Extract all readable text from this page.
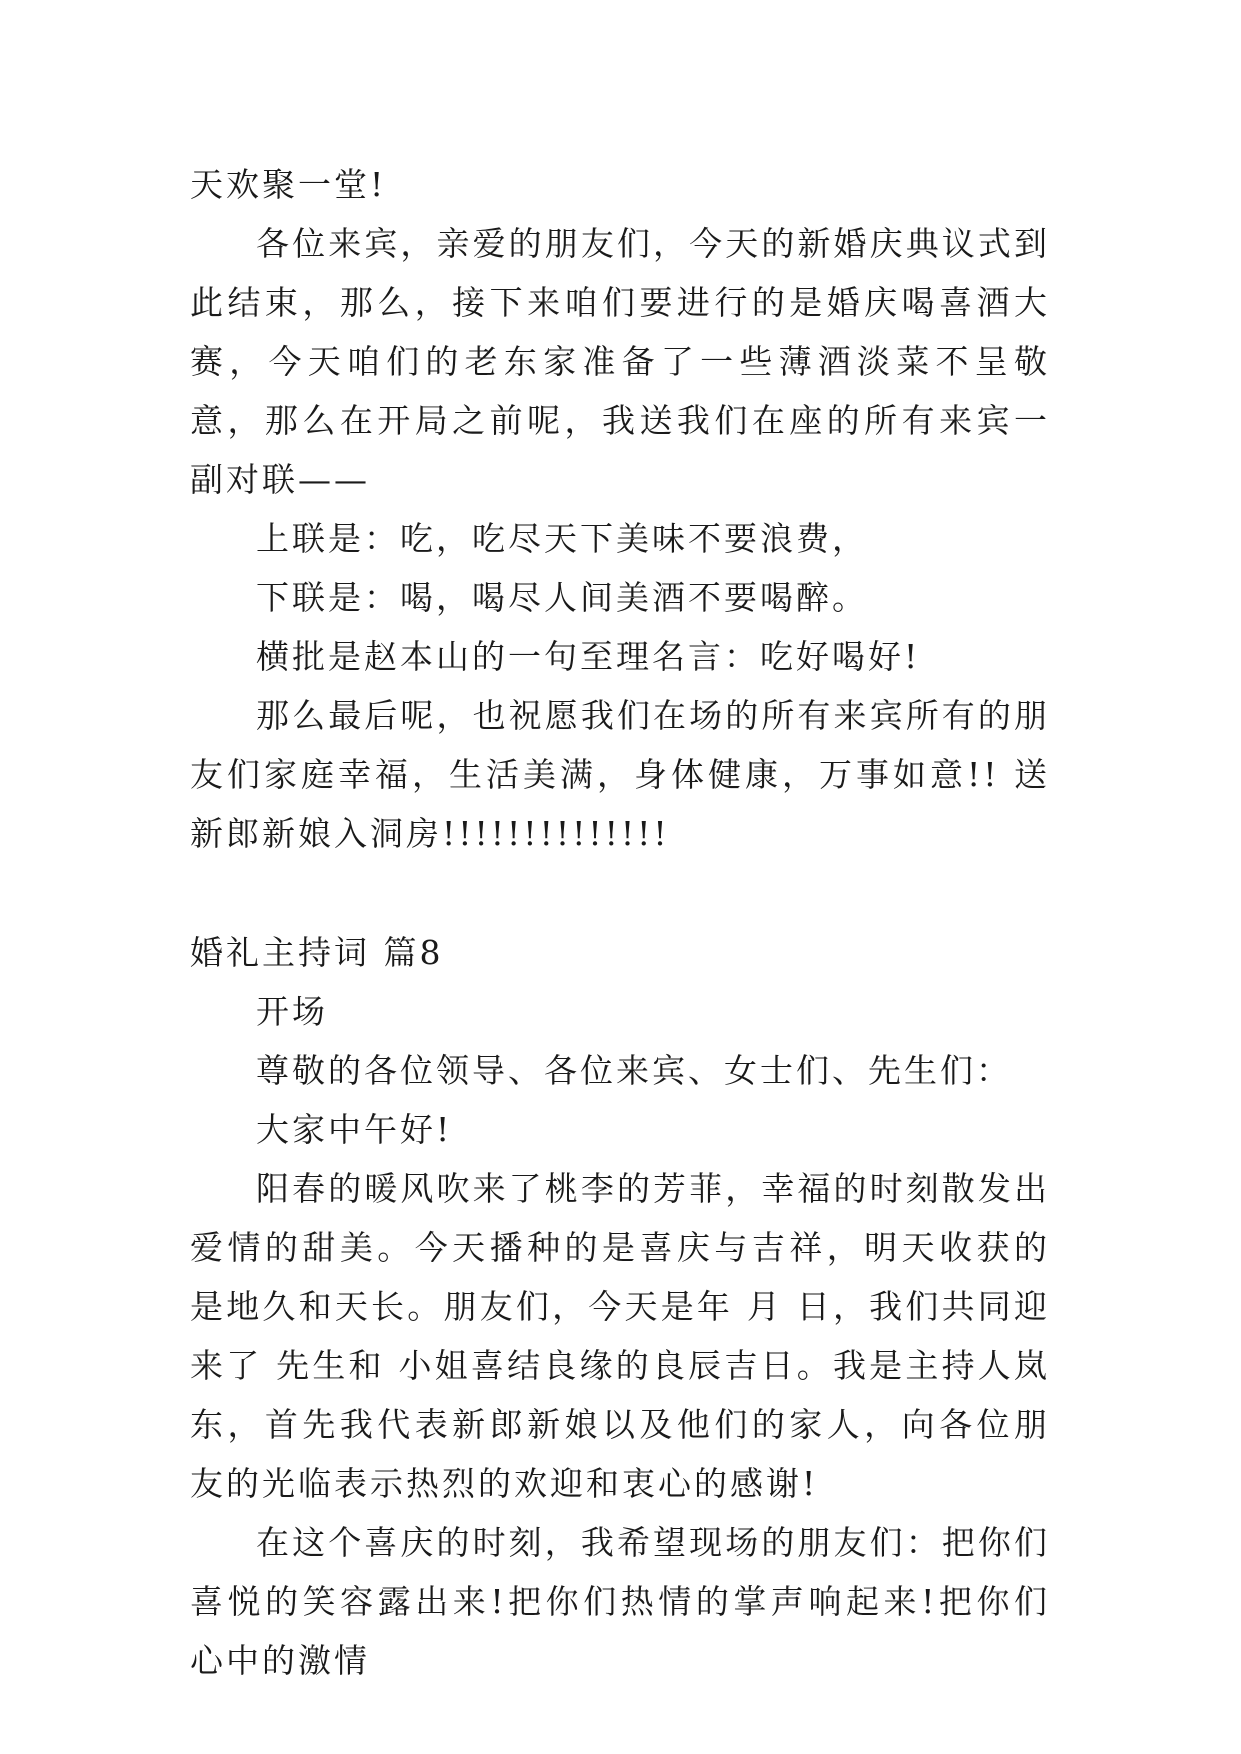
天欢聚一堂!

各位来宾，亲爱的朋友们，今天的新婚庆典议式到此结束，那么，接下来咱们要进行的是婚庆喝喜酒大赛，今天咱们的老东家准备了一些薄酒淡菜不呈敬意，那么在开局之前呢，我送我们在座的所有来宾一副对联——

上联是：吃，吃尽天下美味不要浪费，

下联是：喝，喝尽人间美酒不要喝醉。

横批是赵本山的一句至理名言：吃好喝好!

那么最后呢，也祝愿我们在场的所有来宾所有的朋友们家庭幸福，生活美满，身体健康，万事如意!! 送新郎新娘入洞房!!!!!!!!!!!!!!

婚礼主持词 篇8

开场

尊敬的各位领导、各位来宾、女士们、先生们：

大家中午好!

阳春的暖风吹来了桃李的芳菲，幸福的时刻散发出爱情的甜美。今天播种的是喜庆与吉祥，明天收获的是地久和天长。朋友们，今天是年 月 日，我们共同迎来了 先生和 小姐喜结良缘的良辰吉日。我是主持人岚东，首先我代表新郎新娘以及他们的家人，向各位朋友的光临表示热烈的欢迎和衷心的感谢!

在这个喜庆的时刻，我希望现场的朋友们：把你们喜悦的笑容露出来!把你们热情的掌声响起来!把你们心中的激情
